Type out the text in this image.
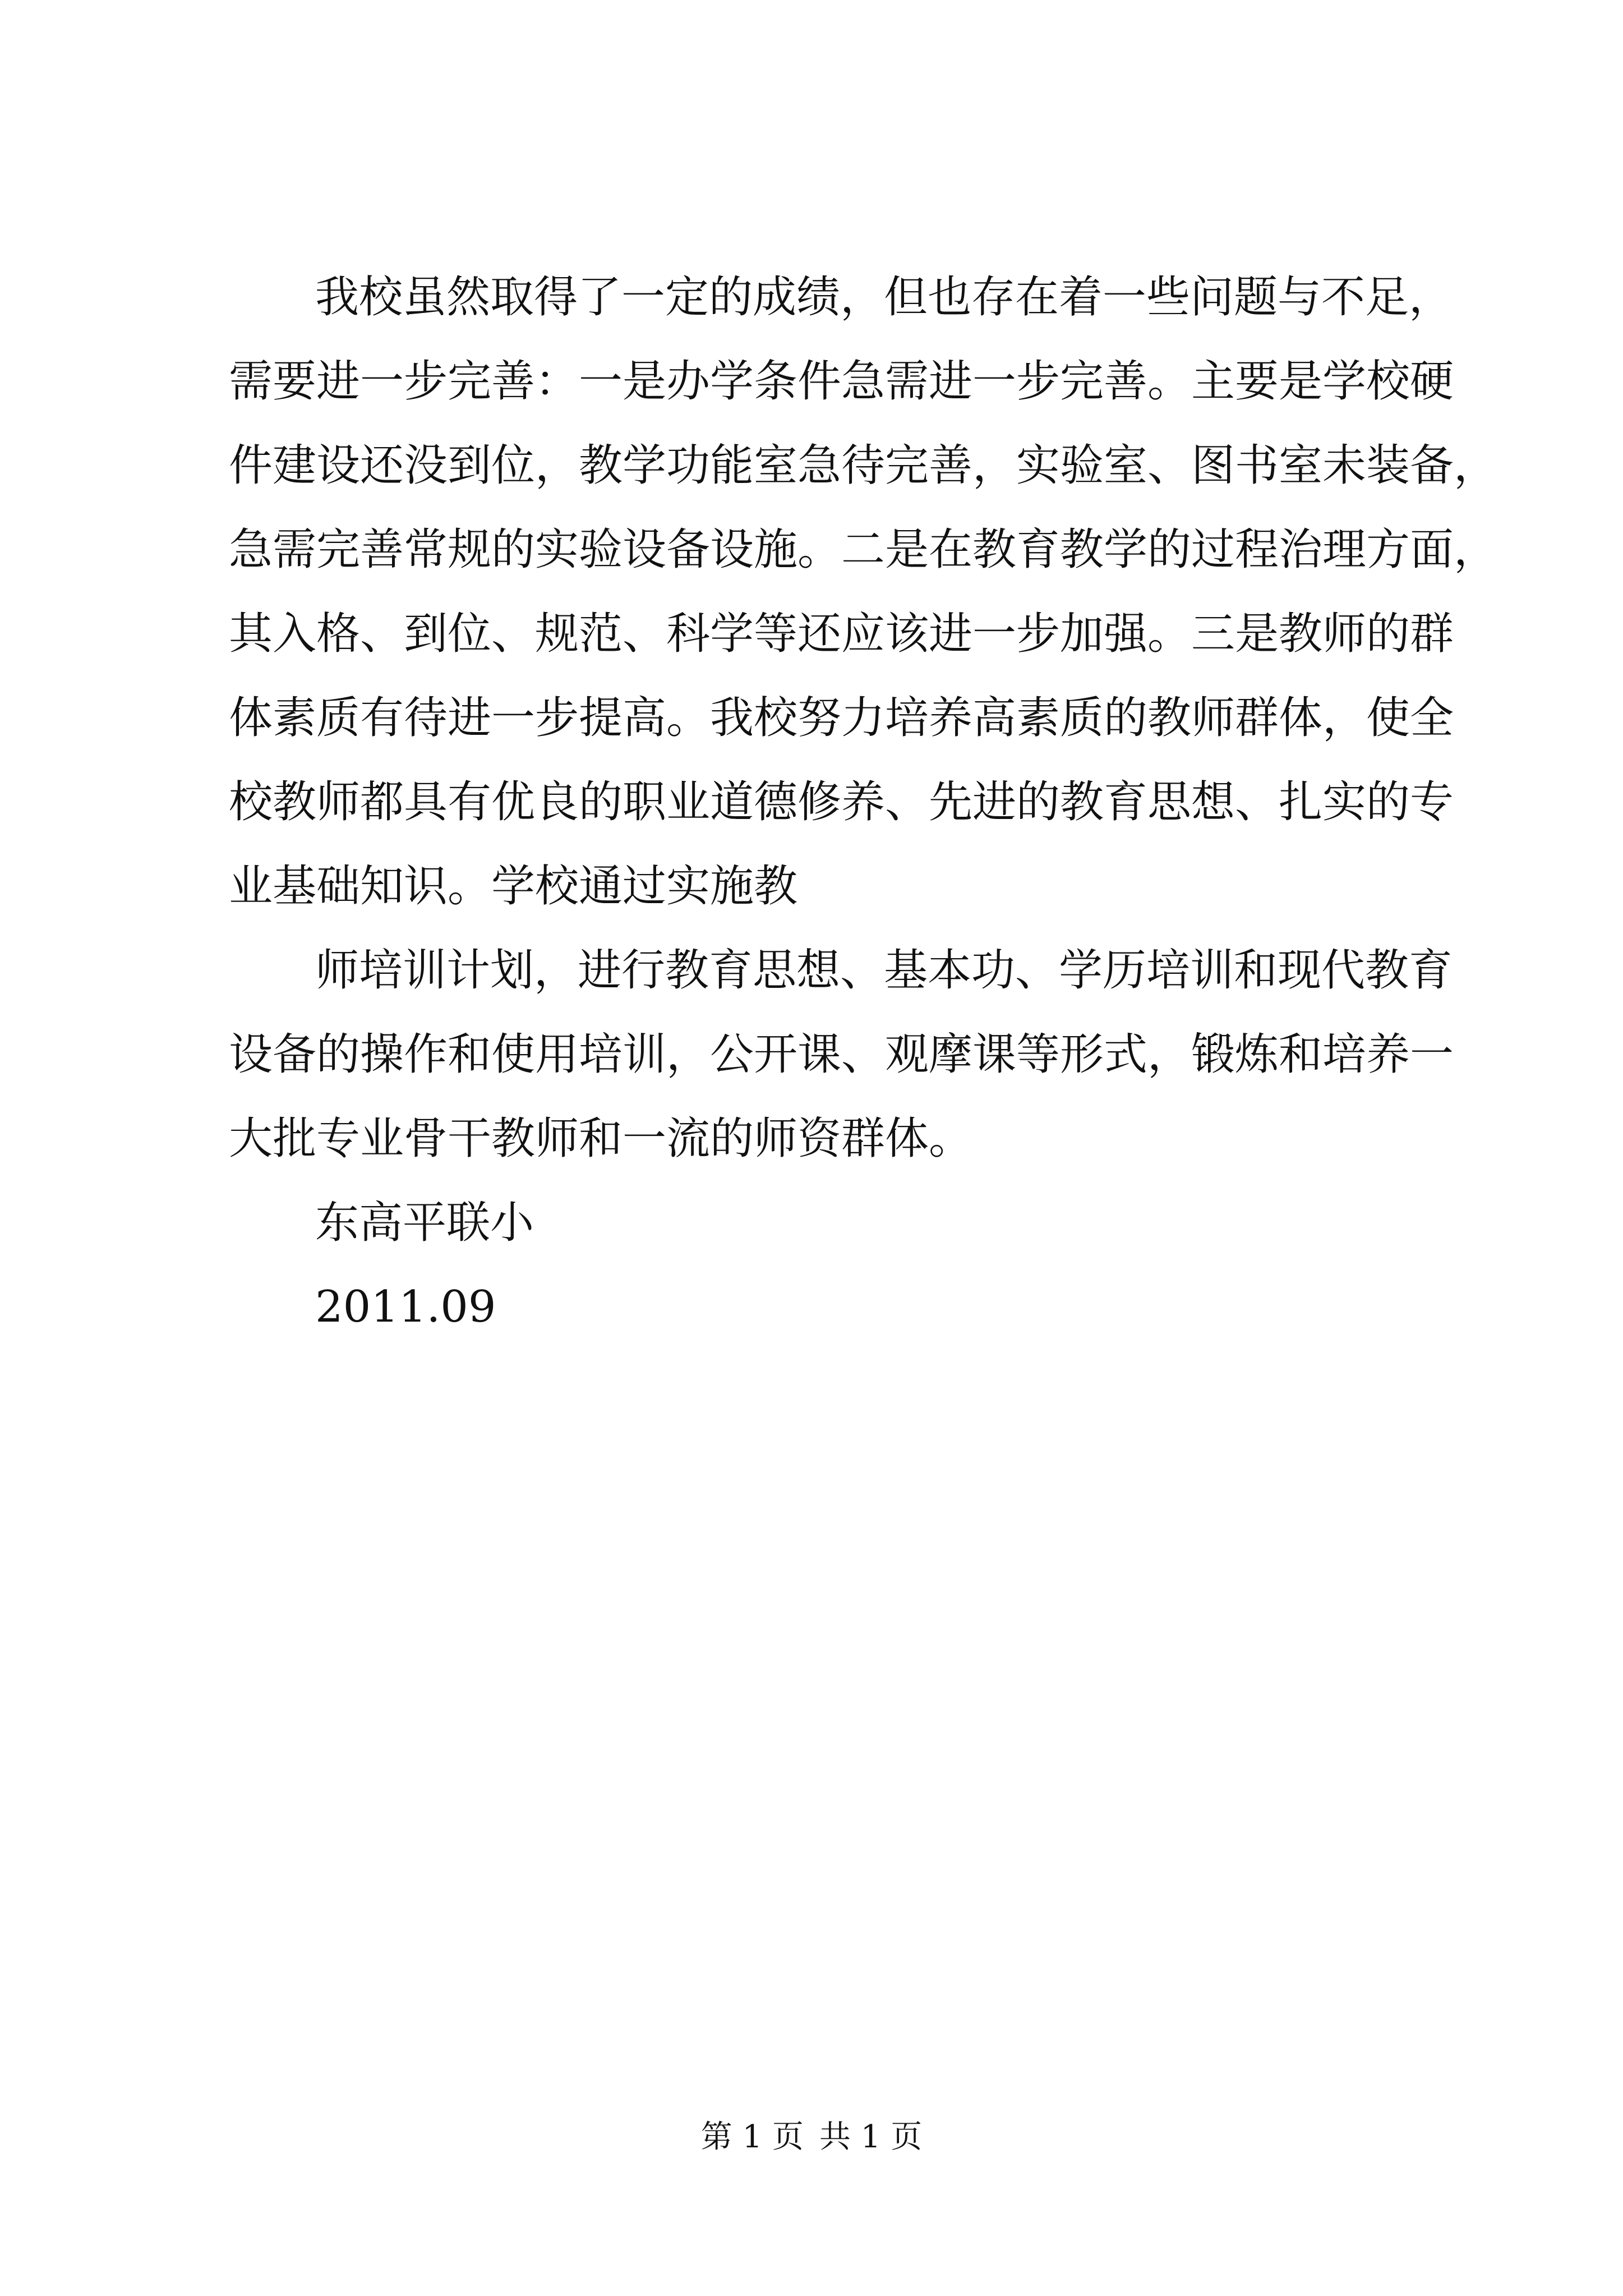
我校虽然取得了一定的成绩，但也存在着一些问题与不足，
需要进一步完善：一是办学条件急需进一步完善。主要是学校硬
件建设还没到位，教学功能室急待完善，实验室、图书室未装备，
急需完善常规的实验设备设施。二是在教育教学的过程治理方面，
其入格、到位、规范、科学等还应该进一步加强。三是教师的群
体素质有待进一步提高。我校努力培养高素质的教师群体，使全
校教师都具有优良的职业道德修养、先进的教育思想、扎实的专
业基础知识。学校通过实施教
师培训计划，进行教育思想、基本功、学历培训和现代教育
设备的操作和使用培训，公开课、观摩课等形式，锻炼和培养一
大批专业骨干教师和一流的师资群体。
东高平联小
2011.09
第 1 页 共 1 页
